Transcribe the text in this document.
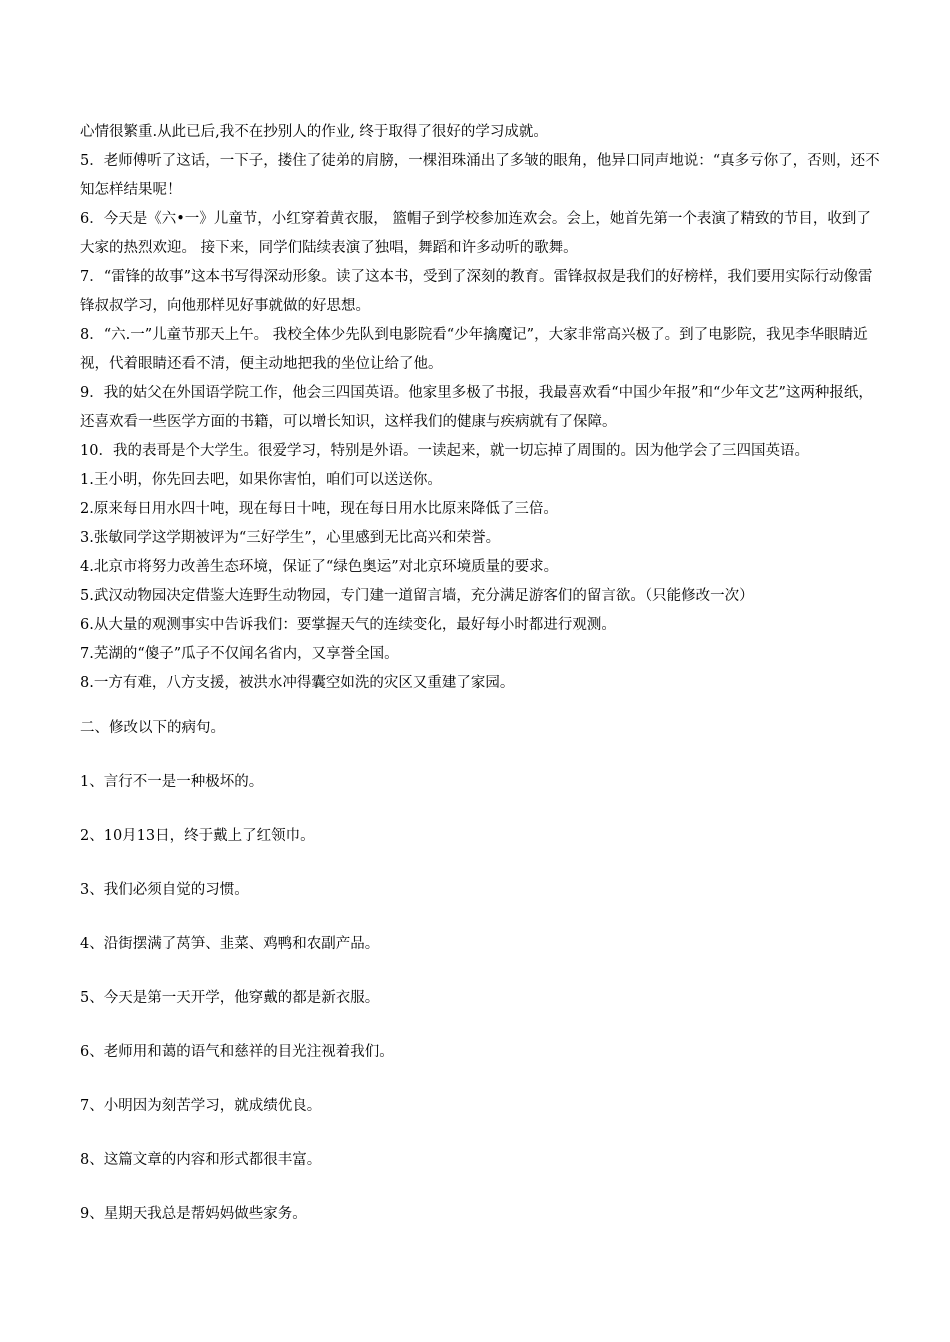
心情很繁重.从此已后,我不在抄别人的作业, 终于取得了很好的学习成就。

5．老师傅听了这话，一下子，搂住了徒弟的肩膀，一棵泪珠涌出了多皱的眼角，他异口同声地说：“真多亏你了，否则，还不知怎样结果呢！

6．今天是《六•一》儿童节，小红穿着黄衣服， 篮帽子到学校参加连欢会。会上，她首先第一个表演了精致的节目，收到了大家的热烈欢迎。 接下来，同学们陆续表演了独唱，舞蹈和许多动听的歌舞。

7．“雷锋的故事”这本书写得深动形象。读了这本书，受到了深刻的教育。雷锋叔叔是我们的好榜样，我们要用实际行动像雷锋叔叔学习，向他那样见好事就做的好思想。

8．“六.一”儿童节那天上午。 我校全体少先队到电影院看“少年擒魔记”，大家非常高兴极了。到了电影院，我见李华眼睛近视，代着眼睛还看不清，便主动地把我的坐位让给了他。

9．我的姑父在外国语学院工作，他会三四国英语。他家里多极了书报，我最喜欢看“中国少年报”和“少年文艺”这两种报纸，还喜欢看一些医学方面的书籍，可以增长知识，这样我们的健康与疾病就有了保障。

10．我的表哥是个大学生。很爱学习，特别是外语。一读起来，就一切忘掉了周围的。因为他学会了三四国英语。

1.王小明，你先回去吧，如果你害怕，咱们可以送送你。

2.原来每日用水四十吨，现在每日十吨，现在每日用水比原来降低了三倍。

3.张敏同学这学期被评为“三好学生”，心里感到无比高兴和荣誉。

4.北京市将努力改善生态环境，保证了“绿色奥运”对北京环境质量的要求。

5.武汉动物园决定借鉴大连野生动物园，专门建一道留言墙，充分满足游客们的留言欲。（只能修改一次）

6.从大量的观测事实中告诉我们：要掌握天气的连续变化，最好每小时都进行观测。

7.芜湖的“傻子”瓜子不仅闻名省内，又享誉全国。

8.一方有难，八方支援，被洪水冲得囊空如洗的灾区又重建了家园。

二、修改以下的病句。

1、言行不一是一种极坏的。

2、10月13日，终于戴上了红领巾。

3、我们必须自觉的习惯。

4、沿街摆满了莴笋、韭菜、鸡鸭和农副产品。

5、今天是第一天开学，他穿戴的都是新衣服。

6、老师用和蔼的语气和慈祥的目光注视着我们。

7、小明因为刻苦学习，就成绩优良。

8、这篇文章的内容和形式都很丰富。

9、星期天我总是帮妈妈做些家务。
